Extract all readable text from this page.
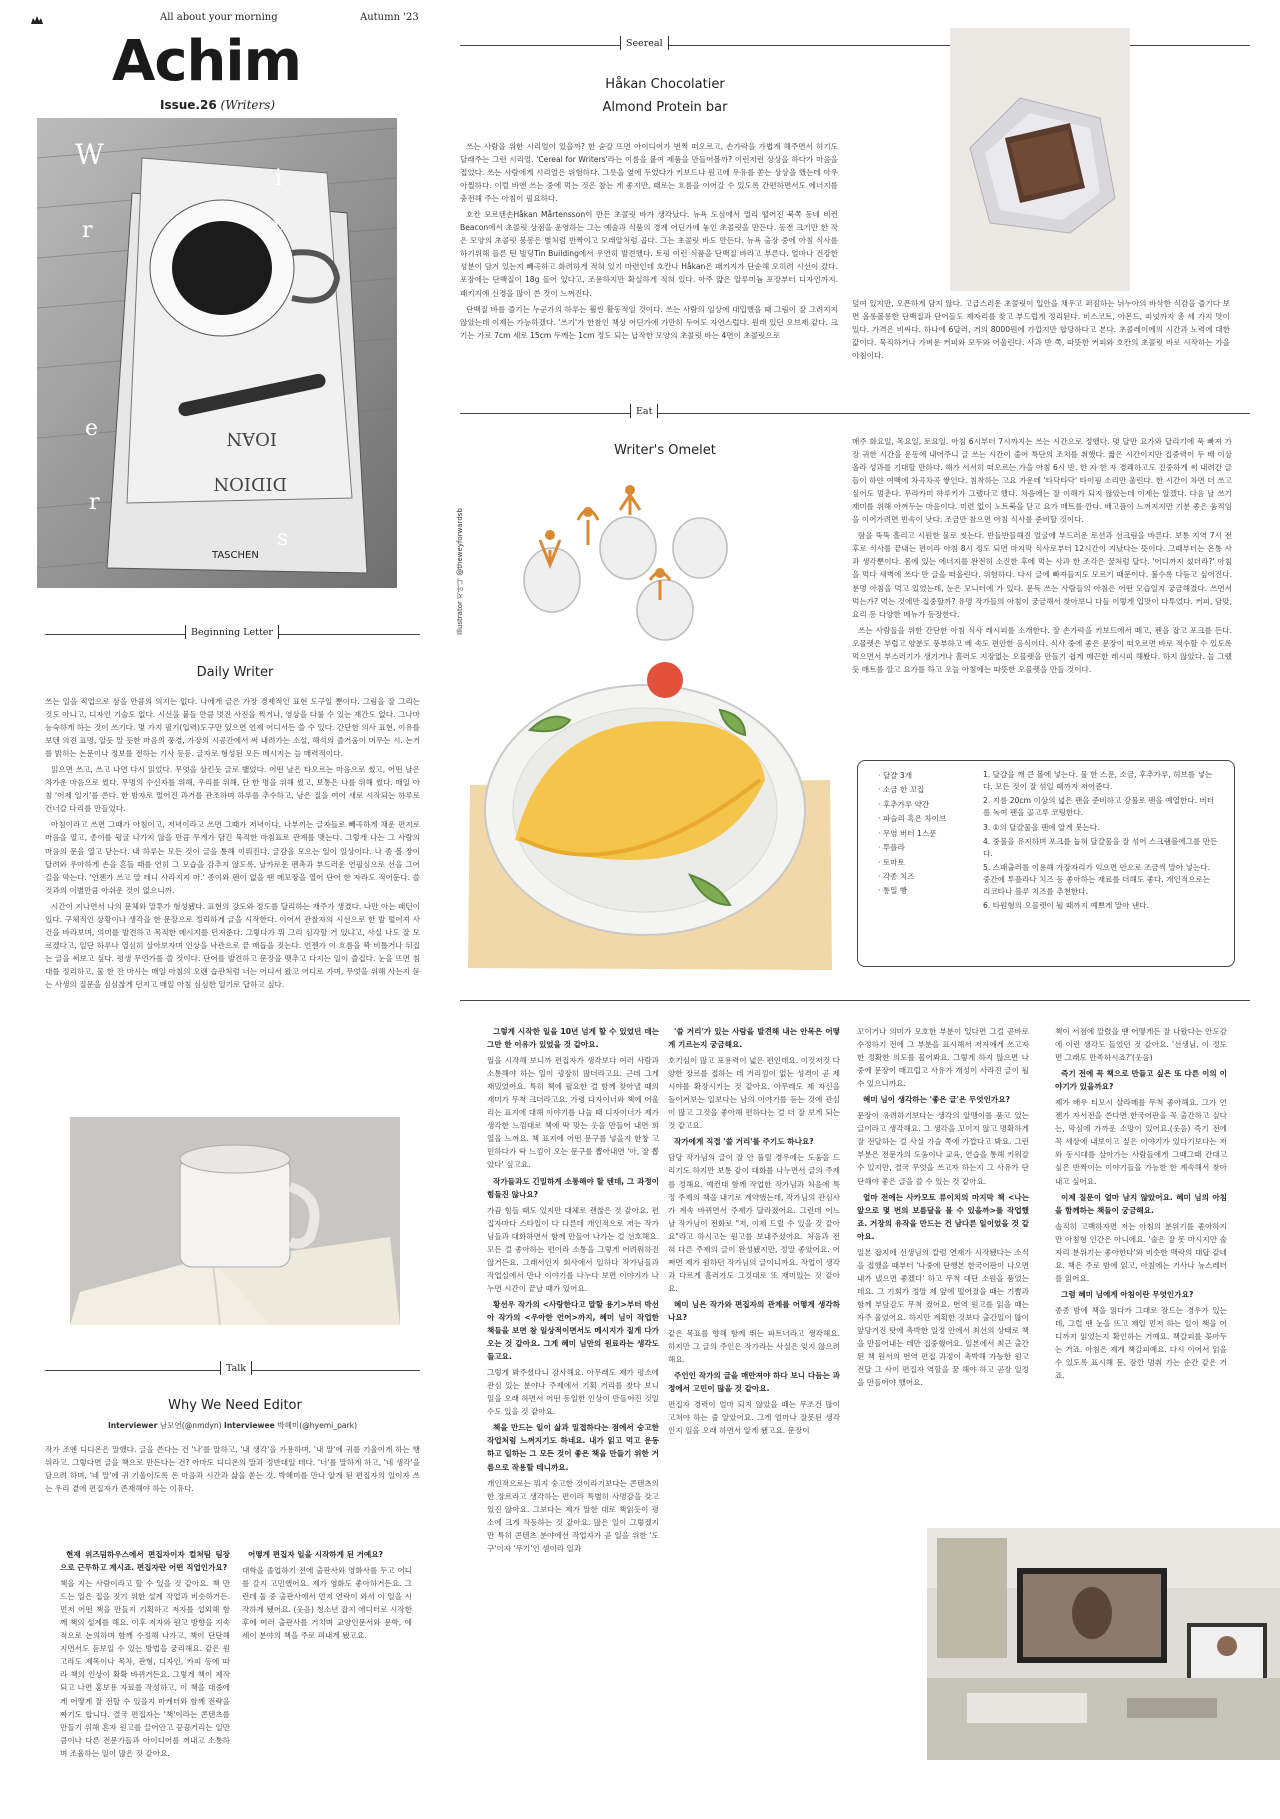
All about your morning	Autumn '23
Achim
Issue.26 (Writers)
IOAN
DIDION
TASCHEN
W
r
i
t
e
r
s
Seereal
Håkan Chocolatier
Almond Protein bar

쓰는 사람을 위한 시리얼이 있을까? 한 숟갈 뜨면 아이디어가 번쩍 떠오르고, 손가락을 가볍게 해주면서 허기도 달래주는 그런 시리얼. 'Cereal for Writers'라는 이름을 붙여 제품을 만들어볼까? 이런저런 상상을 하다가 마음을 접었다. 쓰는 사람에게 시리얼은 위험하다. 그릇을 옆에 두었다가 키보드나 원고에 우유를 쏟는 상상을 했는데 아우 아찔하다. 이럴 바엔 쓰는 중에 먹는 것은 참는 게 좋지만, 때로는 흐름을 이어갈 수 있도록 간편하면서도 에너지를 충전해 주는 아침이 필요하다.

호칸 모르텐손Håkan Mårtensson이 만든 초콜릿 바가 생각났다. 뉴욕 도심에서 멀리 떨어진 북쪽 동네 비컨Beacon에서 초콜릿 상점을 운영하는 그는 예술과 식품의 경계 어딘가에 놓인 초콜릿을 만든다. 동전 크기만 한 작은 모양의 초콜릿 봉봉은 별처럼 반짝이고 모래알처럼 곱다. 그는 초콜릿 바도 만든다. 뉴욕 출장 중에 아침 식사를 하기위해 들른 틴 빌딩Tin Building에서 우연히 발견했다. 토핑 이런 식품을 단백질 바라고 부른다. 얼마나 건강한 성분이 담겨 있는지 빼곡하고 화려하게 적혀 있기 마련인데 호칸나 Håkan은 패키지가 단순해 오히려 시선이 갔다. 포장에는 단백질이 18g 들어 있다고, 조용하지만 확실하게 적혀 있다. 아주 얇은 알루미늄 포장부터 디자인까지. 패키지에 신경을 많이 쓴 것이 느껴진다.

단백질 바를 즐기는 누군가의 하루는 훨씬 활동적일 것이다. 쓰는 사람의 일상에 대입했을 때 그림이 잘 그려지지 않았는데 이제는 가능하겠다. '쓰기'가 한참인 책상 어딘가에 가만히 두어도 자연스럽다. 원래 있던 오브제 같다. 크기는 가로 7cm 세로 15cm 두께는 1cm 정도 되는 납작한 모양의 초콜릿 바는 4면이 초콜릿으로

덮여 있지만, 오픈하게 담지 않다. 고급스러운 초콜릿이 입안을 채우고 퍼짐하는 뉘누아의 바삭한 식감을 즐기다 보면 올롱볼롱한 단백질과 단어들도 제자리를 찾고 부드럽게 정리된다. 비스코트, 아몬드, 피넛까지 총 세 가지 맛이 있다. 가격은 비싸다. 하나에 6달러, 거의 8000원에 가깝지만 합당하다고 본다. 초콜레이에의 시간과 노력에 대한 값이다. 묵직하거나 가벼운 커피와 모두와 어울린다. 사과 반 쪽, 따뜻한 커피와 호칸의 초콜릿 바로 시작하는 가을 아침이다.

Beginning Letter
Daily Writer

쓰는 일을 직업으로 삼을 만큼의 의지는 없다. 나에게 글은 가장 경제적인 표현 도구일 뿐이다. 그림을 잘 그리는 것도 아니고, 디자인 기술도 없다. 시선을 붙들 만큼 멋진 사진을 찍거나, 영상을 다룰 수 있는 재간도 없다. 그나마 능숙하게 하는 것이 쓰기다. 몇 가지 필기(입력)도구만 있으면 언제 어디서든 쓸 수 있다. 간단한 의사 표현, 이유를 보텐 의견 표명, 알듯 말 듯한 마음의 풍경, 가장의 시공간에서 써 내려가는 소설, 해석의 즐거움이 머무는 시. 논거를 밝히는 논문이나 정보를 전하는 기사 등등. 글자로 형성된 모든 메시지는 늘 매력적이다.

읽으면 쓰고, 쓰고 나면 다시 읽었다. 무엇을 삼킨듯 글로 뱉었다. 어떤 날은 타오르는 마음으로 썼고, 어떤 날은 차가운 마음으로 썼다. 무명의 수신자를 위해, 우리를 위해, 단 한 명을 위해 썼고, 보통은 나를 위해 썼다. 매일 아침 '어제 일기'를 쓴다. 한 밤자로 멀어진 과거를 관조하며 하루를 추수하고, 남은 질을 여어 새로 시작되는 하루로 건너갈 다리를 만들었다.

아침이라고 쓰면 그때가 아침이고, 저녁이라고 쓰면 그때가 저녁이다. 나부끼는 글자들로 빼곡하게 채운 편지로 마음을 열고, 종이를 뒹굴 나가지 않을 만큼 무게가 담긴 묵직한 마침표로 관계를 맺는다. 그렇게 나는 그 사람의 마음의 문을 열고 닫는다. 내 하루는 모든 것이 글을 통해 이뤄진다. 글감을 모으는 일이 일상이다. 나 좀 볼 장이 달려와 우아하게 손을 흔들 때를 연히 그 모습을 감추지 않도록, 날카로운 펜촉과 부드러운 연필심으로 선을 그어 길을 막는다. '언젠가 쓰고 말 테니 사라지지 마.' 종이와 펜이 없을 땐 메모장을 열어 단어 한 자라도 적어둔다. 쓸 것과의 이별만큼 아쉬운 것이 없으니까.

시간이 지나면서 나의 문체와 말투가 형성됐다. 표현의 강도와 정도를 달리하는 재주가 생겼다. 나만 아는 패턴이 있다. 구체적인 상황이나 생각을 한 문장으로 정리하게 글을 시작한다. 이어서 관찰자의 시선으로 한 발 떨어져 사건을 바라보며, 의미를 발견하고 목직한 메시지를 던져준다. 그렇다가 뭐 그리 심각할 거 있냐고, 사실 나도 잘 모르겠다고, 일단 하루나 열심히 살아보자며 인상을 낙관으로 끝 매듭을 짓는다. 언젠가 이 흐름을 꽉 비틀거나 뒤집는 글을 써보고 싶다. 평생 무언가를 쓸 것이다. 단어를 발견하고 문장을 맺추고 다지는 일이 즐겁다. 눈을 뜨면 침대를 정리하고, 물 한 잔 마시는 매일 아침의 오랜 습관처럼 너는 어디서 왔고 어디로 가며, 무엇을 위해 사는지 묻는 사생의 질문을 심심찮게 던지고 매일 아침 심심한 일기로 답하고 싶다.

Eat
Writer's Omelet
Illustrator 지아니 @theweyforwardsb

매주 화요일, 목요일, 토요일. 아침 6시부터 7시까지는 쓰는 시간으로 정했다. 몇 달만 요가와 달리기에 푹 빠져 가장 귀한 시간을 운동에 내어주니 글 쓰는 시간이 줄어 특단의 조치를 취했다. 짧은 시간이지만 집중력이 두 배 이상 올라 성과를 기대할 만하다. 해가 서서히 떠오르는 가을 아침 6시 반. 한 자 한 자 경쾌하고도 진중하게 써 내려간 글들이 하얀 여백에 차곡차곡 쌓인다. 침착하는 고요 가운데 '타닥타닥' 타이핑 소리만 울린다. 한 시간이 차면 더 쓰고 싶어도 멈춘다. 무라카미 하루키가 그랬다고 했다. 처음에는 잘 이해가 되지 않았는데 이제는 알겠다. 다음 날 쓰기 재미를 위해 아껴두는 마음이다. 미련 없이 노트북을 닫고 요가 매트를 깐다. 배고픔이 느껴지지만 기분 좋은 움직임을 이어가려면 빈속이 낫다. 조금만 참으면 아침 식사를 준비할 것이다.

땀을 뚝뚝 흘리고 시원한 물로 씻는다. 반들반들해진 얼굴에 부드러운 로션과 선크림을 바른다. 보통 지역 7시 전후로 식사를 끝내는 편이라 아침 8시 정도 되면 마지막 식사로부터 12시간이 지났다는 뜻이다. 그때부터는 온통 사과 생각뿐이다. 몸에 있는 에너지를 완전히 소진한 후에 먹는 사과 한 조각은 꿀처럼 달다. '어디까지 섰더라?' 아침을 먹다 새벽에 쓰다 만 글을 떠올린다. 위험하다. 다시 글에 빠져들지도 모르기 때문이다. 불수록 다듬고 싶어진다. 분명 아침을 먹고 있었는데, 눈은 모니터에 가 있다. 문득 쓰는 사람들의 아침은 어떤 모습일지 궁금해졌다. 쓰면서 먹는가? 먹는 것에만 집중할까? 유명 작가들의 아침이 궁금해서 찾아보니 다들 이렇게 입맛이 다투었다. 커피, 담맞, 요리 등 다양한 메뉴가 등장한다.

쓰는 사람들을 위한 간단한 아침 식사 레시피를 소개한다. 잘 손가락을 키보드에서 떼고, 펜을 잡고 포크를 든다. 오믈렛은 부럽고 양분도 풍부하고 베 속도 편안한 음식이다. 식사 중에 좋은 문장이 떠오르면 바로 적수할 수 있도록 먹으면서 부스러기가 생기거나 흘러도 지장없는 오믈렛을 만들기 쉽게 매끈한 레시피 해봤다. 하지 않았다. 늘 그랬듯 매트를 깔고 요가를 하고 오늘 아침에는 따뜻한 오믈렛을 만들 것이다.

· 달걀 3개
· 소금 한 꼬집
· 후추가루 약간
· 파슬리 혹은 차이브
· 무염 버터 1스푼
· 투플라
· 토마토
· 각종 치즈
· 통밀 빵
1. 달걀을 깨 큰 볼에 넣는다. 물 한 스푼, 소금, 후추가루, 허브를 넣는다. 모든 것이 잘 섞일 때까지 저어준다.
2. 지름 20cm 이상의 넓은 팬을 준비하고 강불로 팬을 예열한다. 버터를 녹여 팬을 골고루 코팅한다.
3. ①의 달걀물을 팬에 알게 붓는다.
4. 중불을 유지하며 포크를 눕혀 달걀물을 잘 섞어 스크램블에그를 만든다.
5. 스패츌러를 이용해 가장자리가 익으면 안으로 조금씩 말아 넣는다. 중간에 투플라나 치즈 등 좋아하는 재료를 더해도 좋다. 개인적으로는 리코타나 블루 치즈를 추천한다.
6. 타원형의 오믈렛이 될 때까지 예쁘게 말아 낸다.
Talk
Why We Need Editor
Interviewer 남모연(@nmdyn) Interviewee 박혜미(@hyemi_park)

작가 조엔 디디온은 말했다. 글을 쓴다는 건 '나'를 말하고, '내 생각'을 가용하며, '내 말'에 귀를 기울이게 하는 행위라고. 그렇다면 글을 책으로 만든다는 건? 아마도 디디온의 말과 정반대일 테다. '너'를 말하게 하고, '네 생각'을 담으려 하며, '네 말'에 귀 기울이도록 온 마음과 시간과 삶을 쏟는 것. 박혜미를 만나 알게 된 편집자의 일이자 쓰는 우리 곁에 편집자가 존재해야 하는 이유다.

현재 위즈덤하우스에서 편집자이자 컬처팀 팀장으로 근무하고 계시죠. 편집자란 어떤 직업인가요?

책을 지는 사람이라고 할 수 있을 것 같아요. 책 만드는 일은 집을 짓기 위한 설계 작업과 비슷하거든. 먼저 어떤 책을 만들지 기획하고 저자를 섭외해 함께 책의 설계를 해요. 이후 저자와 원고 방향을 지속적으로 논의하며 함께 수정해 나가고, 책이 단단해지면서도 돋보일 수 있는 방법을 궁리해요. 같은 원고라도 제목이나 목차, 판형, 디자인, 카피 등에 따라 책의 인상이 확확 바뀌거든요. 그렇게 책이 제작되고 나면 홍보용 자료를 작성하고, 이 책을 대중에게 어떻게 잘 전할 수 있을지 마케터와 함께 전략을 짜기도 합니다. 결국 편집자는 '책'이라는 콘텐츠를 만들기 위해 혼자 원고를 끌어안고 끙끙거리는 일만큼이나 다른 전문가들과 아이디어를 꺼내고 소통하며 조율하는 일이 많은 것 같아요.

어떻게 편집자 일을 시작하게 된 거예요?

대학을 졸업하기 전에 출판사와 영화사를 두고 어디를 갈지 고민했어요. 제가 영화도 좋아하거든요. 그런데 둘 중 출판사에서 먼저 연락이 와서 이 일을 시작하게 됐어요. (웃음) 청소년 잡지 에디터로 시작한 후에 여러 출판사를 거치며 교양인문서와 문학, 에세이 분야의 책을 주로 펴내게 됐고요.

그렇게 시작한 일을 10년 넘게 할 수 있었던 데는 그만 한 이유가 있었을 것 같아요.

일을 시작해 보니까 편집자가 생각보다 여러 사람과 소통해야 하는 일이 굉장히 많더라고요. 근데 그게 재밌었어요. 특히 책에 필요한 걸 함께 찾아낼 때의 재미가 무척 크더라고요. 가령 디자이너와 책에 어울리는 표지에 대해 이야기를 나눌 때 디자이너가 제가 생각한 느낌대로 책에 딱 맞는 옷을 만들어 내면 희열을 느껴요. 책 표지에 어떤 문구를 넣을지 한창 고민하다가 딱 느낌이 오는 문구를 뽑아내면 '아, 잘 뽑았다' 싶고요.

작가들과도 긴밀하게 소통해야 할 텐데, 그 과정이 힘들진 않나요?

가끔 힘들 때도 있지만 대체로 괜찮은 것 같아요. 편집자마다 스타일이 다 다른데 개인적으로 저는 작가님들과 대화하면서 함께 만들어 나가는 걸 선호해요. 모든 걸 좋아하는 편이라 소통을 그렇게 어려워하진 않거든요. 그래서인지 회사에서 일하다 작가님들과 작업실에서 만나 이야기를 나누다 보면 이야기가 나누면 시간이 끝날 때가 있어요.

황선우 작가의 <사랑한다고 말할 용기>부터 박선아 작가의 <우아한 언어>까지, 혜미 님이 작업한 책들을 보면 참 일상적이면서도 메시지가 짙게 다가오는 것 같아요. 그게 혜미 님만의 원료라는 생각도 들고요.

그렇게 봐주셨다니 감사해요. 아무래도 제가 평소에 관심 있는 분야나 주제에서 기획 거리를 찾다 보니 일을 오래 하면서 어떤 동일한 인상이 만들어진 것일 수도 있을 것 같아요.

책을 만드는 일이 삶과 밀접하다는 점에서 숭고한 작업처럼 느껴지기도 하네요. 내가 읽고 먹고 운동하고 일하는 그 모든 것이 좋은 책을 만들기 위한 거름으로 작용할 테니까요.

개인적으로는 뭐지 숭고한 것이라기보다는 콘텐츠의 한 장르라고 생각하는 편이라 특별히 사명감을 갖고 있진 않아요. 그보다는 제가 말한 대로 책읽듯이 평소에 크게 작동하는 것 같아요. 많은 일이 그렇겠지만 특히 콘텐츠 분야에선 작업자가 곧 일을 위한 '도구'이자 '무기'인 셈이라 일과

'쓸 거리'가 있는 사람을 발견해 내는 안목은 어떻게 기르는지 궁금해요.

호기심이 많고 포용력이 넓은 편인데요. 이것저것 다양한 장르를 접하는 데 거리낌이 없는 성격이 곧 제 시야를 확장시키는 것 같아요. 아무래도 제 자신을 돌이켜보는 일보다는 남의 이야기를 듣는 것에 관심이 많고 그것을 좋아해 편하다는 걸 더 잘 보게 되는 것 같고요.

작가에게 직접 '쓸 거리'를 주기도 하나요?

담당 작가님의 글이 잘 안 풀릴 경우에는 도움을 드리기도 하지만 보통 같이 대화를 나누면서 글의 주제를 정해요. 예컨대 함께 작업한 작가님과 처음에 특정 주제의 책을 내기로 계약했는데, 작가님의 관심사가 계속 바뀌면서 주제가 달라졌어요. 그런데 어느 날 작가님이 전화로 "저, 이제 드릴 수 있을 것 같아요"라고 하시고는 원고를 보내주셨어요. 처음과 전혀 다른 주제의 글이 완성됐지만, 정말 좋았어요. 어쩌면 제가 원하던 작가님의 글이니까요. 작업이 생각과 다르게 흘러가도 그것대로 또 재미있는 것 같아요.

혜미 님은 작가와 편집자의 관계를 어떻게 생각하나요?

같은 목표를 향해 함께 뛰는 파트너라고 생각해요. 하지만 그 글의 주인은 작가라는 사실은 잊지 않으려 해요.

주인인 작가의 글을 매만져야 하다 보니 다듬는 과정에서 고민이 많을 것 같아요.

편집자 경력이 얼마 되지 않았을 때는 무조건 많이 고쳐야 하는 줄 알았어요. 그게 얼마나 잘못된 생각인지 일을 오래 하면서 알게 됐고요. 문장이

꼬이거나 의미가 모호한 부분이 있다면 그걸 곧바로 수정하기 전에 그 부분을 표시해서 저자에게 쓰고자 한 정확한 의도를 물어봐요. 그렇게 하지 않으면 나중에 문장이 매끄럽고 사유가 개성이 사라진 글이 될 수 있으니까요.

혜미 님이 생각하는 '좋은 글'은 무엇인가요?

문장이 유려하기보다는 생각의 알맹이를 품고 있는 글이라고 생각해요. 그 생각을 꼬이지 않고 명확하게 잘 전달하는 걸 사실 가슬 쪽에 가깝다고 봐요. 그런 부분은 전문가의 도움이나 교육, 연습을 통해 키워갈 수 있지만, 결국 무엇을 쓰고자 하는지 그 사유가 단단해야 좋은 글을 쓸 수 있는 것 같아요.

얼마 전에는 사카모토 류이치의 마지막 책 <나는 앞으로 몇 번의 보름달을 볼 수 있을까>를 작업했죠. 거장의 유작을 만드는 건 남다른 일이었을 것 같아요.

일본 잡지에 선생님의 칼럼 연재가 시작됐다는 소식을 접했을 때부터 '나중에 단행본 한국어판이 나오면 내가 냈으면 좋겠다' 하고 무척 대단 소원을 품었는데요. 그 기회가 정말 제 앞에 떨어졌을 때는 기쁨과 함께 부담감도 무척 컸어요. 번역 원고를 읽을 때는 자주 울었어요. 하지만 계획한 것보다 출간일이 많이 앞당겨진 탓에 촉박한 일정 안에서 최선의 상태로 책을 만들어내는 데만 집중했어요. 일본에서 최근 출간된 책 원서의 번역 편집 과정이 촉박해 가능한 원고 전달 그 사이 편집자 역할을 꿈 해야 하고 곧장 일정을 만들어야 했어요.

책이 서점에 깔렸을 땐 어떻게든 잘 나왔다는 안도감에 이런 생각도 들었던 것 같아요. '선생님, 이 정도면 그래도 만족하시죠?'(웃음)

즉기 전에 꼭 책으로 만들고 싶은 또 다른 이의 이야기가 있을까요?

제가 배우 티모시 샬라메를 무척 좋아해요. 그가 언젠가 자서전을 쓴다면 한국어판을 꼭 출간하고 싶다는, 막심에 가까운 소망이 있어요.(웃음) 즉기 전에 꼭 세상에 내보이고 싶은 이야기가 있다기보다는 저와 동시대를 살아가는 사람들에게 그때그때 간대고 싶은 반짝이는 이야기들을 가능한 한 계속해서 찾아내고 싶어요.

이제 질문이 얼마 남지 않았어요. 혜미 님의 아침을 함께하는 책들이 궁금해요.

솔직히 고백하자면 저는 아침의 분위기를 좋아하지만 아침형 인간은 아니에요. '술은 잘 못 마시지만 술자리 분위기는 좋아한다'와 비슷한 맥락의 대답 같네요. 책은 주로 밤에 읽고, 아침에는 기사나 뉴스레터를 읽어요.

그럼 혜미 님에게 아침이란 무엇인가요?

종종 밤에 책을 읽다가 그대로 잠드는 경우가 있는데, 그럴 땐 눈을 뜨고 제일 먼저 하는 일이 책을 어디까지 읽었는지 확인하는 거예요. 책갈피를 꽂아두는 거죠. 아침은 제게 책갈피예요. 다시 이어서 읽을 수 있도록 표시해 둔, 잠깐 멈춰 가는 순간 같은 거죠.
